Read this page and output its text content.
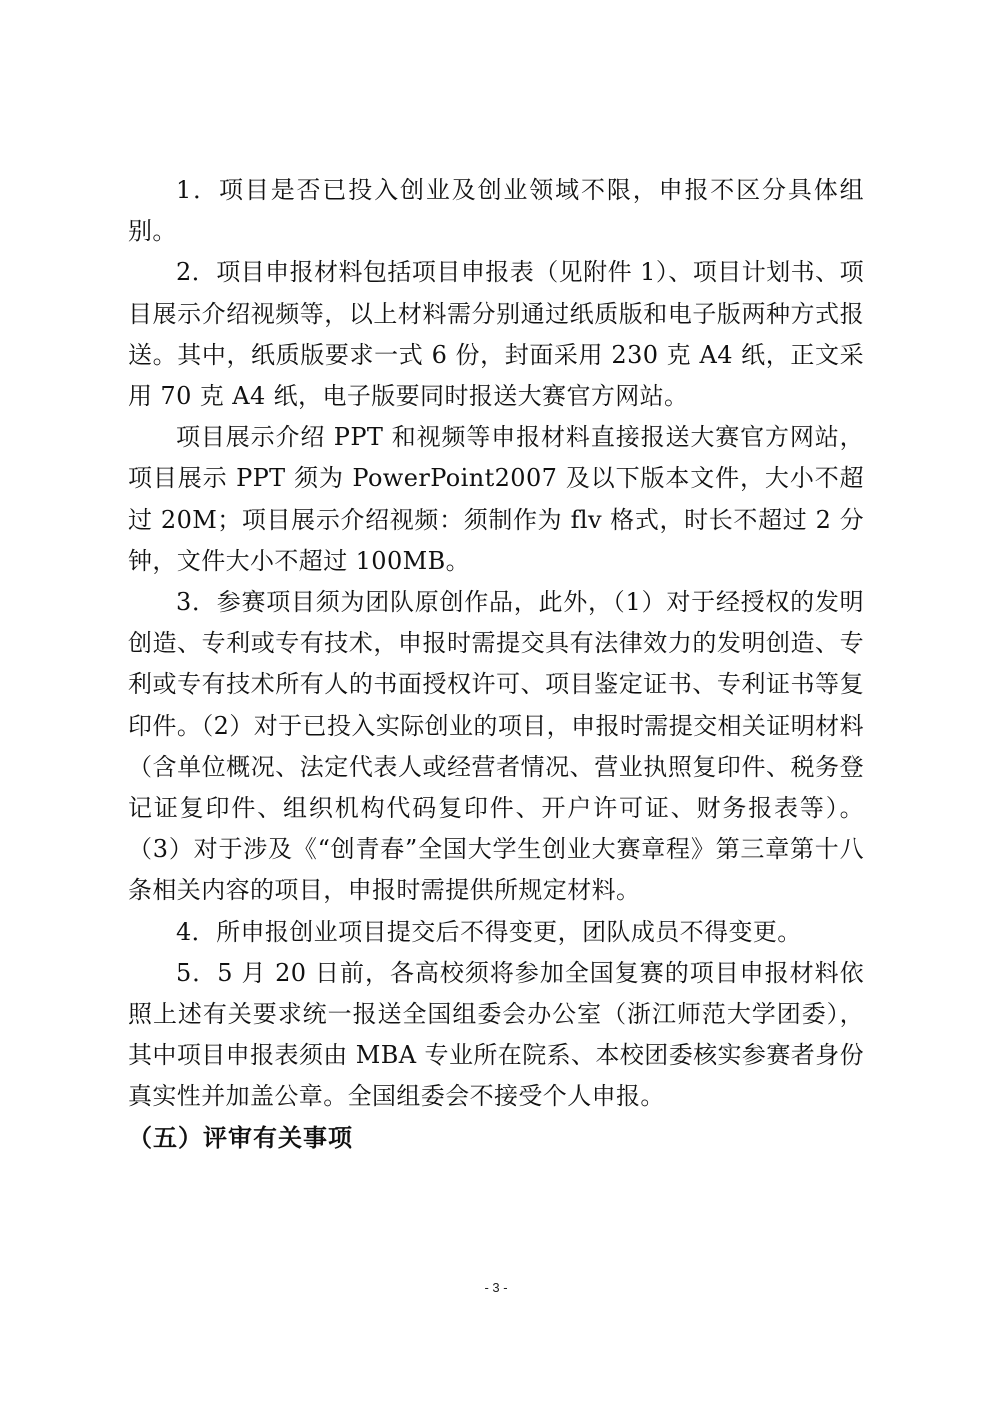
1．项目是否已投入创业及创业领域不限，申报不区分具体组别。

2．项目申报材料包括项目申报表（见附件 1）、项目计划书、项目展示介绍视频等，以上材料需分别通过纸质版和电子版两种方式报送。其中，纸质版要求一式 6 份，封面采用 230 克 A4 纸，正文采用 70 克 A4 纸，电子版要同时报送大赛官方网站。

项目展示介绍 PPT 和视频等申报材料直接报送大赛官方网站，项目展示 PPT 须为 PowerPoint2007 及以下版本文件，大小不超过 20M；项目展示介绍视频：须制作为 flv 格式，时长不超过 2 分钟，文件大小不超过 100MB。

3．参赛项目须为团队原创作品，此外，（1）对于经授权的发明创造、专利或专有技术，申报时需提交具有法律效力的发明创造、专利或专有技术所有人的书面授权许可、项目鉴定证书、专利证书等复印件。（2）对于已投入实际创业的项目，申报时需提交相关证明材料（含单位概况、法定代表人或经营者情况、营业执照复印件、税务登记证复印件、组织机构代码复印件、开户许可证、财务报表等）。（3）对于涉及《“创青春”全国大学生创业大赛章程》第三章第十八条相关内容的项目，申报时需提供所规定材料。

4．所申报创业项目提交后不得变更，团队成员不得变更。

5．5 月 20 日前，各高校须将参加全国复赛的项目申报材料依照上述有关要求统一报送全国组委会办公室（浙江师范大学团委），其中项目申报表须由 MBA 专业所在院系、本校团委核实参赛者身份真实性并加盖公章。全国组委会不接受个人申报。

（五）评审有关事项

- 3 -
